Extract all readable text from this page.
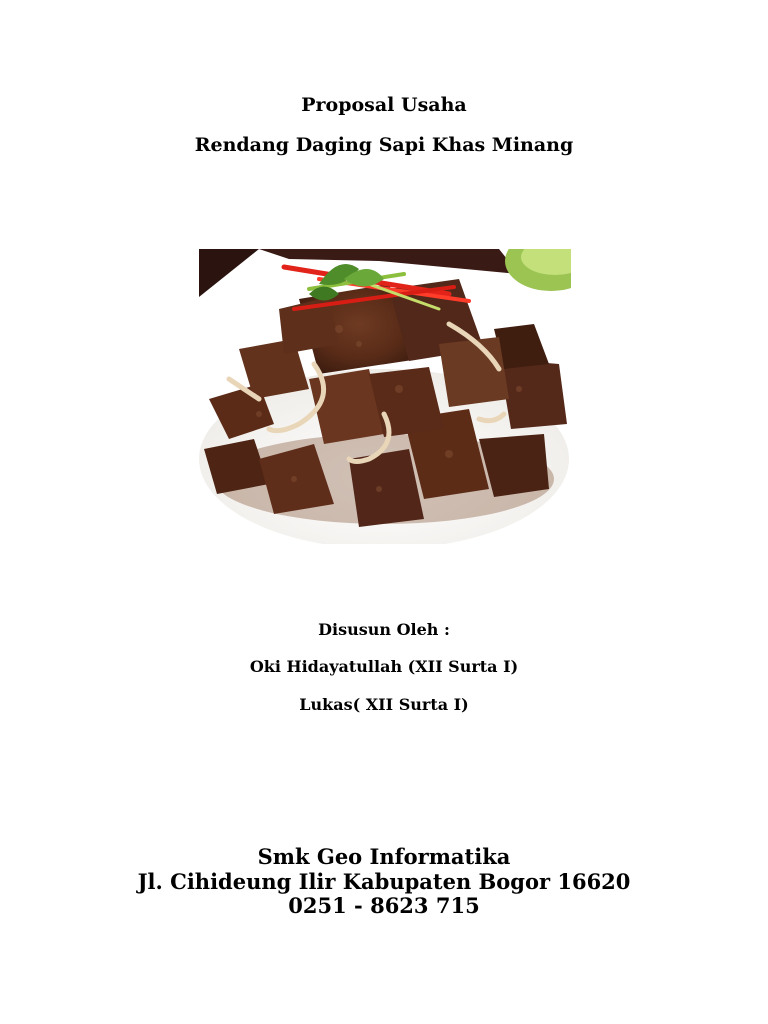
Proposal Usaha
Rendang Daging Sapi Khas Minang
Disusun Oleh :
Oki Hidayatullah (XII Surta I)
Lukas( XII Surta I)
Smk Geo Informatika
Jl. Cihideung Ilir Kabupaten Bogor 16620
0251 - 8623 715
